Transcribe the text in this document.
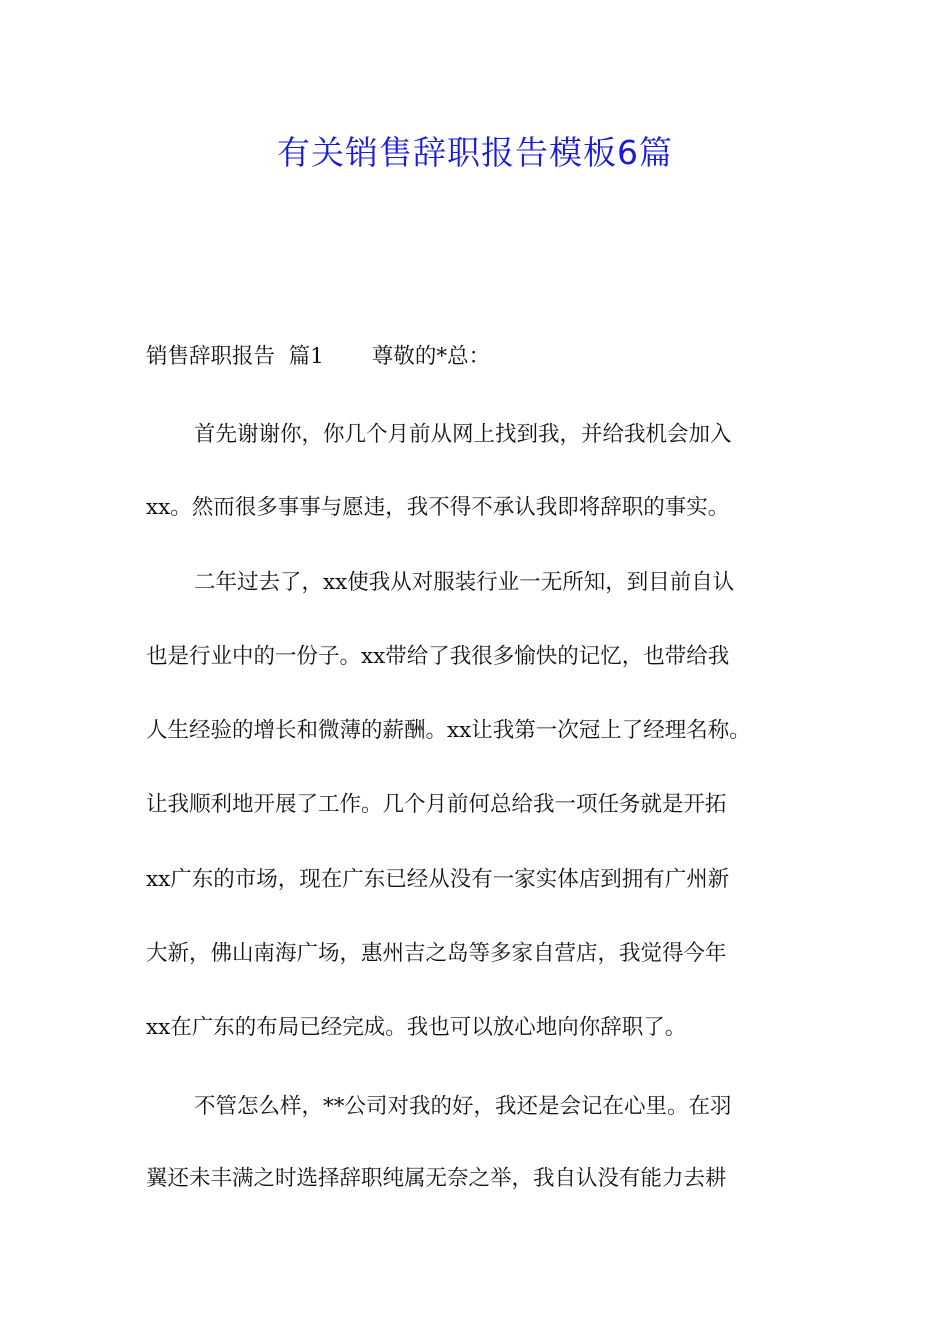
有关销售辞职报告模板6篇
销售辞职报告  篇1 尊敬的*总：
首先谢谢你，你几个月前从网上找到我，并给我机会加入
xx。然而很多事事与愿违，我不得不承认我即将辞职的事实。
二年过去了，xx使我从对服装行业一无所知，到目前自认
也是行业中的一份子。xx带给了我很多愉快的记忆，也带给我
人生经验的增长和微薄的薪酬。xx让我第一次冠上了经理名称。
让我顺利地开展了工作。几个月前何总给我一项任务就是开拓
xx广东的市场，现在广东已经从没有一家实体店到拥有广州新
大新，佛山南海广场，惠州吉之岛等多家自营店，我觉得今年
xx在广东的布局已经完成。我也可以放心地向你辞职了。
不管怎么样，**公司对我的好，我还是会记在心里。在羽
翼还未丰满之时选择辞职纯属无奈之举，我自认没有能力去耕
